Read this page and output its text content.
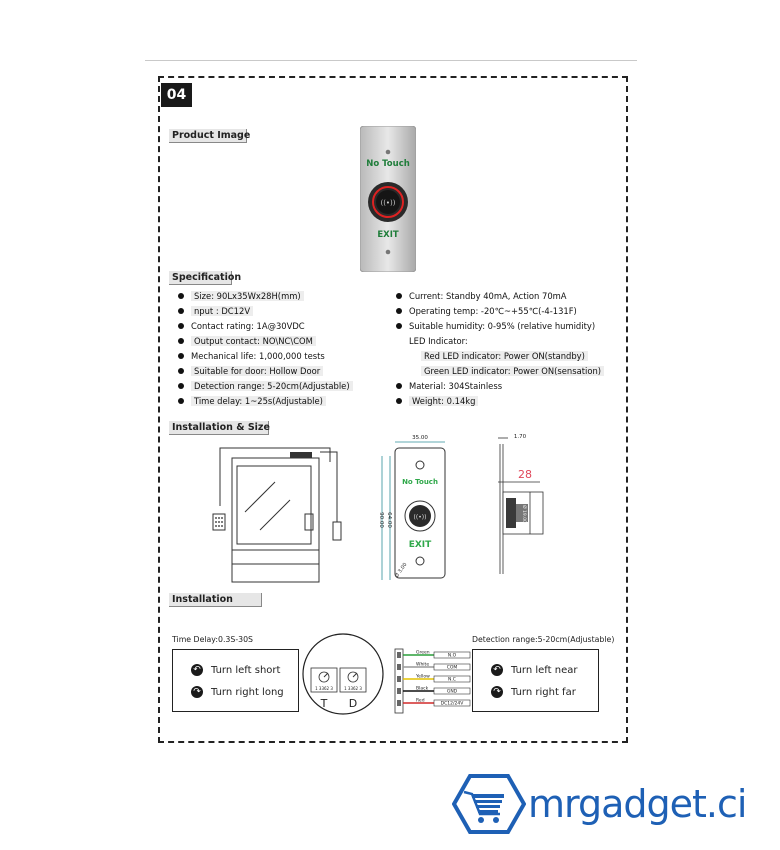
04
Product Image
Specification
Installation & Size
Installation
((•))
No Touch
EXIT
Size: 90Lx35Wx28H(mm)
nput : DC12V
Contact rating: 1A@30VDC
Output contact: NO\NC\COM
Mechanical life: 1,000,000 tests
Suitable for door: Hollow Door
Detection range: 5-20cm(Adjustable)
Time delay: 1~25s(Adjustable)
Current: Standby 40mA, Action 70mA
Operating temp: -20℃~+55℃(-4-131F)
Suitable humidity: 0-95% (relative humidity)
LED Indicator:
Red LED indicator: Power ON(standby)
Green LED indicator: Power ON(sensation)
Material: 304Stainless
Weight: 0.14kg
35.00
90.00 64.00	((•))
No Touch
EXIT
Ø 3.00
1.70
28
Ø 19.00
Time Delay:0.3S-30S	Detection range:5-20cm(Adjustable)
↶ Turn left short
↷ Turn right long	1 3362 3	1 3362 3
T D
Green
N.O
White
COM
Yellow
N.C
Black
GND
Red
DC12/24V
↶ Turn left near
↷ Turn right far
mrgadget.ci
